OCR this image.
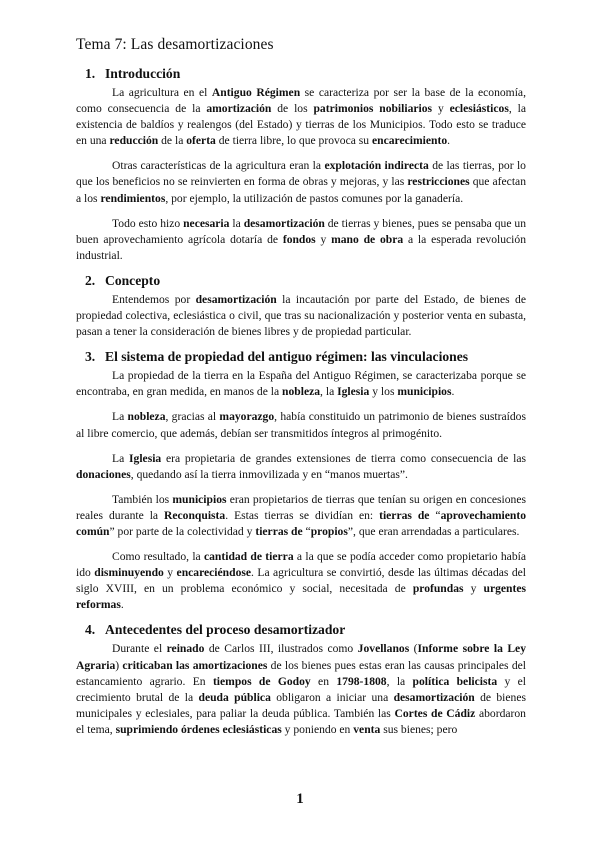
Tema 7: Las desamortizaciones
1. Introducción

La agricultura en el Antiguo Régimen se caracteriza por ser la base de la economía, como consecuencia de la amortización de los patrimonios nobiliarios y eclesiásticos, la existencia de baldíos y realengos (del Estado) y tierras de los Municipios. Todo esto se traduce en una reducción de la oferta de tierra libre, lo que provoca su encarecimiento.

Otras características de la agricultura eran la explotación indirecta de las tierras, por lo que los beneficios no se reinvierten en forma de obras y mejoras, y las restricciones que afectan a los rendimientos, por ejemplo, la utilización de pastos comunes por la ganadería.

Todo esto hizo necesaria la desamortización de tierras y bienes, pues se pensaba que un buen aprovechamiento agrícola dotaría de fondos y mano de obra a la esperada revolución industrial.

2. Concepto

Entendemos por desamortización la incautación por parte del Estado, de bienes de propiedad colectiva, eclesiástica o civil, que tras su nacionalización y posterior venta en subasta, pasan a tener la consideración de bienes libres y de propiedad particular.

3. El sistema de propiedad del antiguo régimen: las vinculaciones

La propiedad de la tierra en la España del Antiguo Régimen, se caracterizaba porque se encontraba, en gran medida, en manos de la nobleza, la Iglesia y los municipios.

La nobleza, gracias al mayorazgo, había constituido un patrimonio de bienes sustraídos al libre comercio, que además, debían ser transmitidos íntegros al primogénito.

La Iglesia era propietaria de grandes extensiones de tierra como consecuencia de las donaciones, quedando así la tierra inmovilizada y en “manos muertas”.

También los municipios eran propietarios de tierras que tenían su origen en concesiones reales durante la Reconquista. Estas tierras se dividían en: tierras de “aprovechamiento común” por parte de la colectividad y tierras de “propios”, que eran arrendadas a particulares.

Como resultado, la cantidad de tierra a la que se podía acceder como propietario había ido disminuyendo y encareciéndose. La agricultura se convirtió, desde las últimas décadas del siglo XVIII, en un problema económico y social, necesitada de profundas y urgentes reformas.

4. Antecedentes del proceso desamortizador

Durante el reinado de Carlos III, ilustrados como Jovellanos (Informe sobre la Ley Agraria) criticaban las amortizaciones de los bienes pues estas eran las causas principales del estancamiento agrario. En tiempos de Godoy en 1798-1808, la política belicista y el crecimiento brutal de la deuda pública obligaron a iniciar una desamortización de bienes municipales y eclesiales, para paliar la deuda pública. También las Cortes de Cádiz abordaron el tema, suprimiendo órdenes eclesiásticas y poniendo en venta sus bienes; pero

1
